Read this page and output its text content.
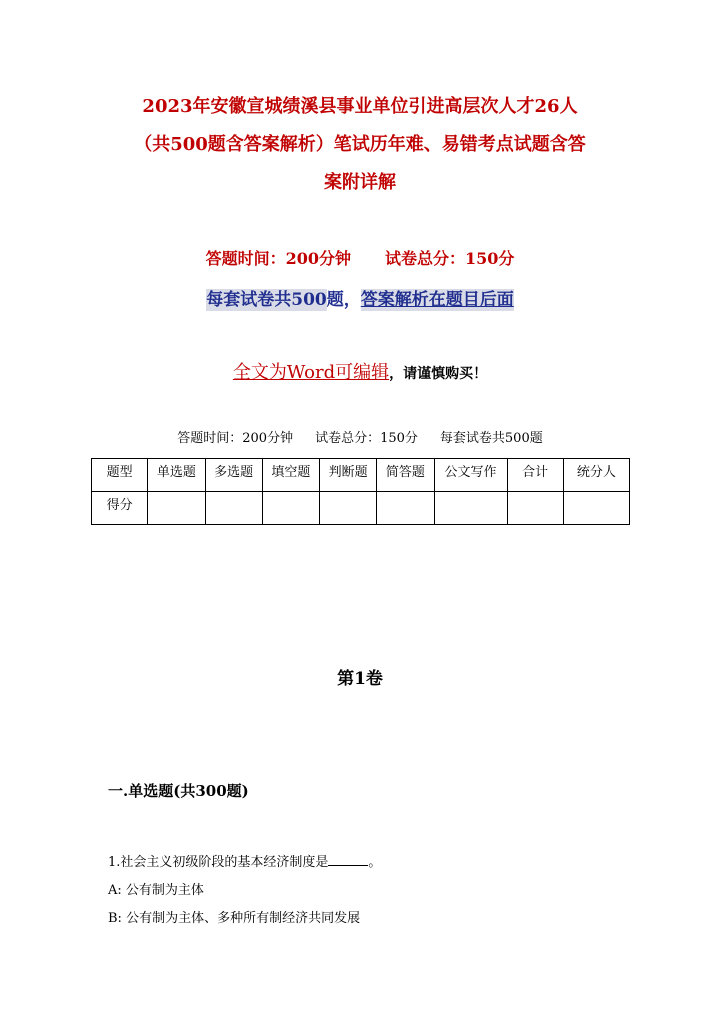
2023年安徽宣城绩溪县事业单位引进高层次人才26人
（共500题含答案解析）笔试历年难、易错考点试题含答
案附详解
答题时间：200分钟 试卷总分：150分
每套试卷共500题，答案解析在题目后面
全文为Word可编辑，请谨慎购买！
答题时间：200分钟 试卷总分：150分 每套试卷共500题
题型	单选题	多选题	填空题	判断题	简答题	公文写作	合计	统分人
得分								
第1卷
一.单选题(共300题)
1.社会主义初级阶段的基本经济制度是	。
A: 公有制为主体
B: 公有制为主体、多种所有制经济共同发展
